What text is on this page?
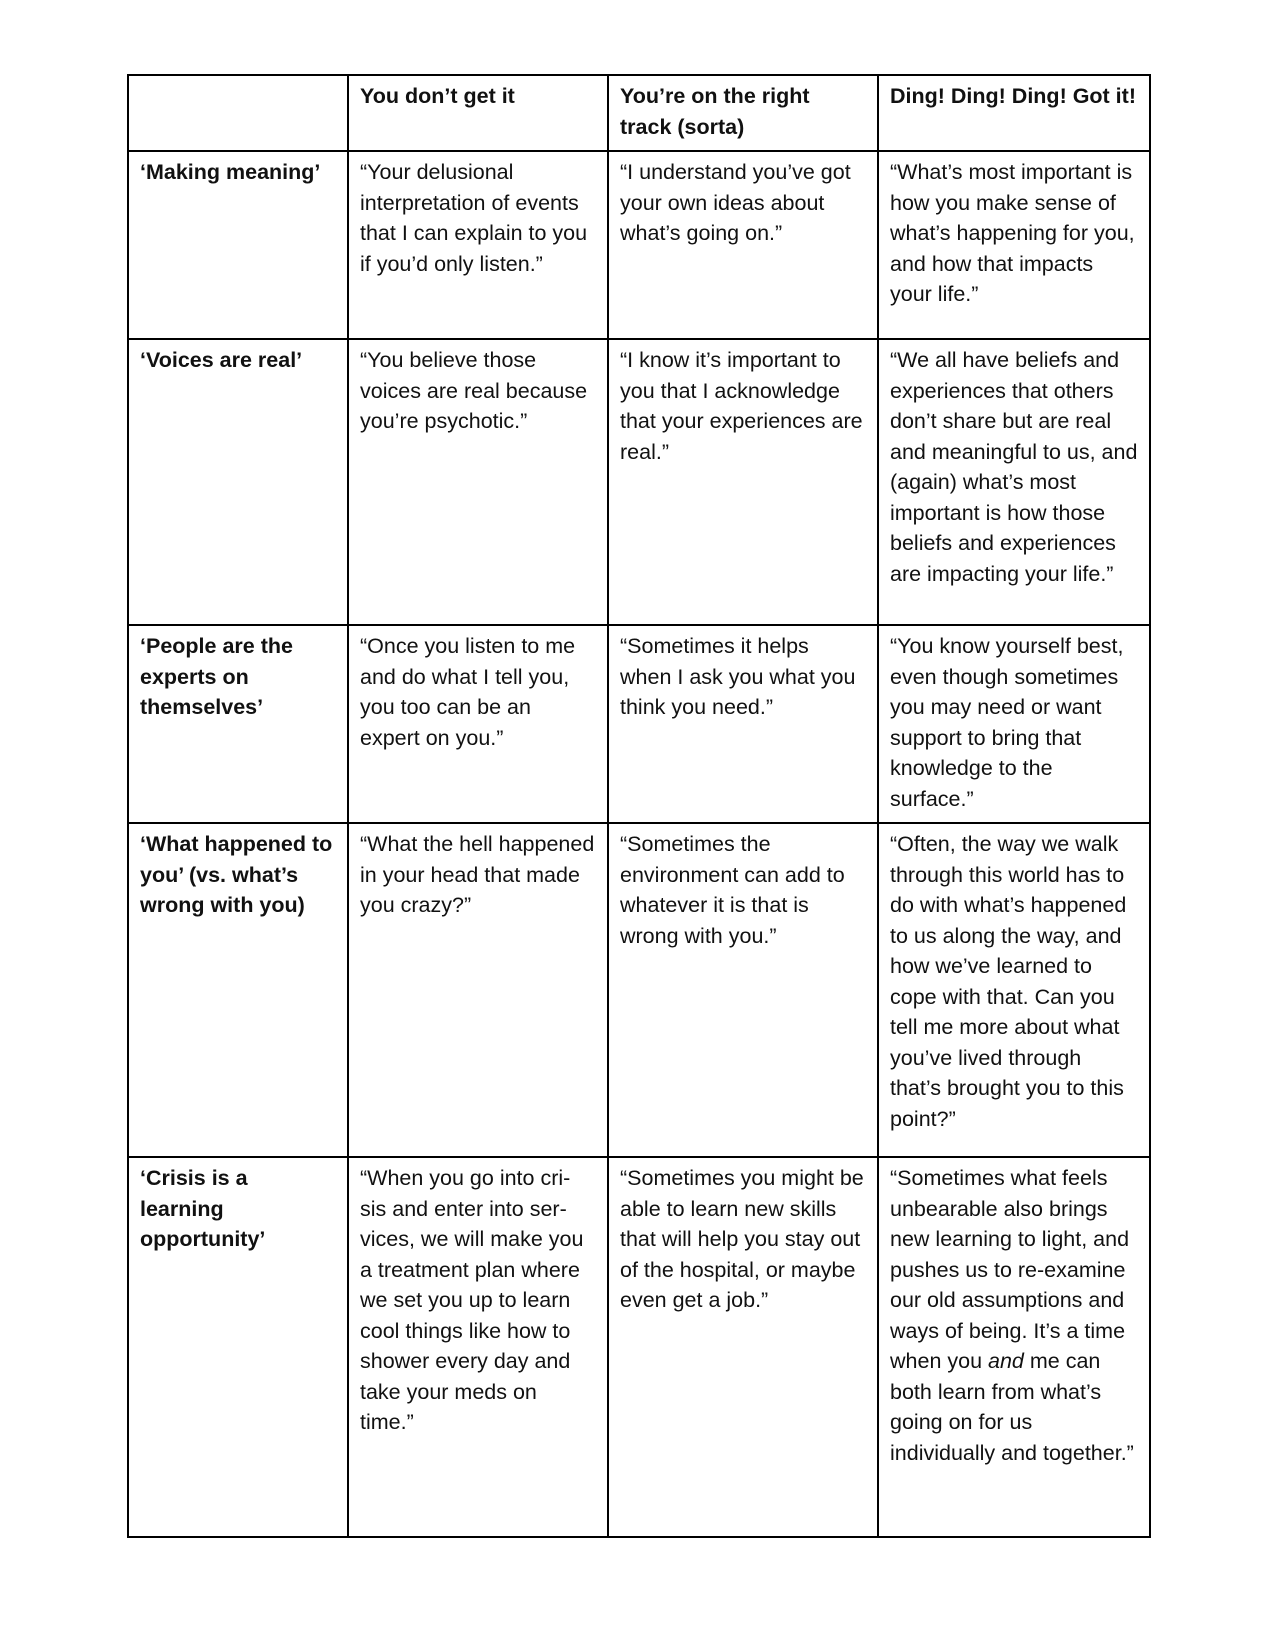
	You don’t get it	You’re on the right track (sorta)	Ding! Ding! Ding! Got it!
‘Making meaning’	“Your delusional interpretation of events that I can explain to you if you’d only listen.”	“I understand you’ve got your own ideas about what’s going on.”	“What’s most important is how you make sense of what’s happening for you, and how that impacts your life.”
‘Voices are real’	“You believe those voices are real because you’re psychotic.”	“I know it’s important to you that I acknowledge that your experiences are real.”	“We all have beliefs and experiences that others don’t share but are real and meaningful to us, and (again) what’s most important is how those beliefs and experiences are impacting your life.”
‘People are the experts on themselves’	“Once you listen to me and do what I tell you, you too can be an expert on you.”	“Sometimes it helps when I ask you what you think you need.”	“You know yourself best, even though sometimes you may need or want support to bring that knowledge to the surface.”
‘What happened to you’ (vs. what’s wrong with you)	“What the hell happened in your head that made you crazy?”	“Sometimes the environment can add to whatever it is that is wrong with you.”	“Often, the way we walk through this world has to do with what’s happened to us along the way, and how we’ve learned to cope with that. Can you tell me more about what you’ve lived through that’s brought you to this point?”
‘Crisis is a learning opportunity’	“When you go into cri-sis and enter into ser-vices, we will make you a treatment plan where we set you up to learn cool things like how to shower every day and take your meds on time.”	“Sometimes you might be able to learn new skills that will help you stay out of the hospital, or maybe even get a job.”	“Sometimes what feels unbearable also brings new learning to light, and pushes us to re-examine our old assumptions and ways of being. It’s a time when you and me can both learn from what’s going on for us individually and together.”
